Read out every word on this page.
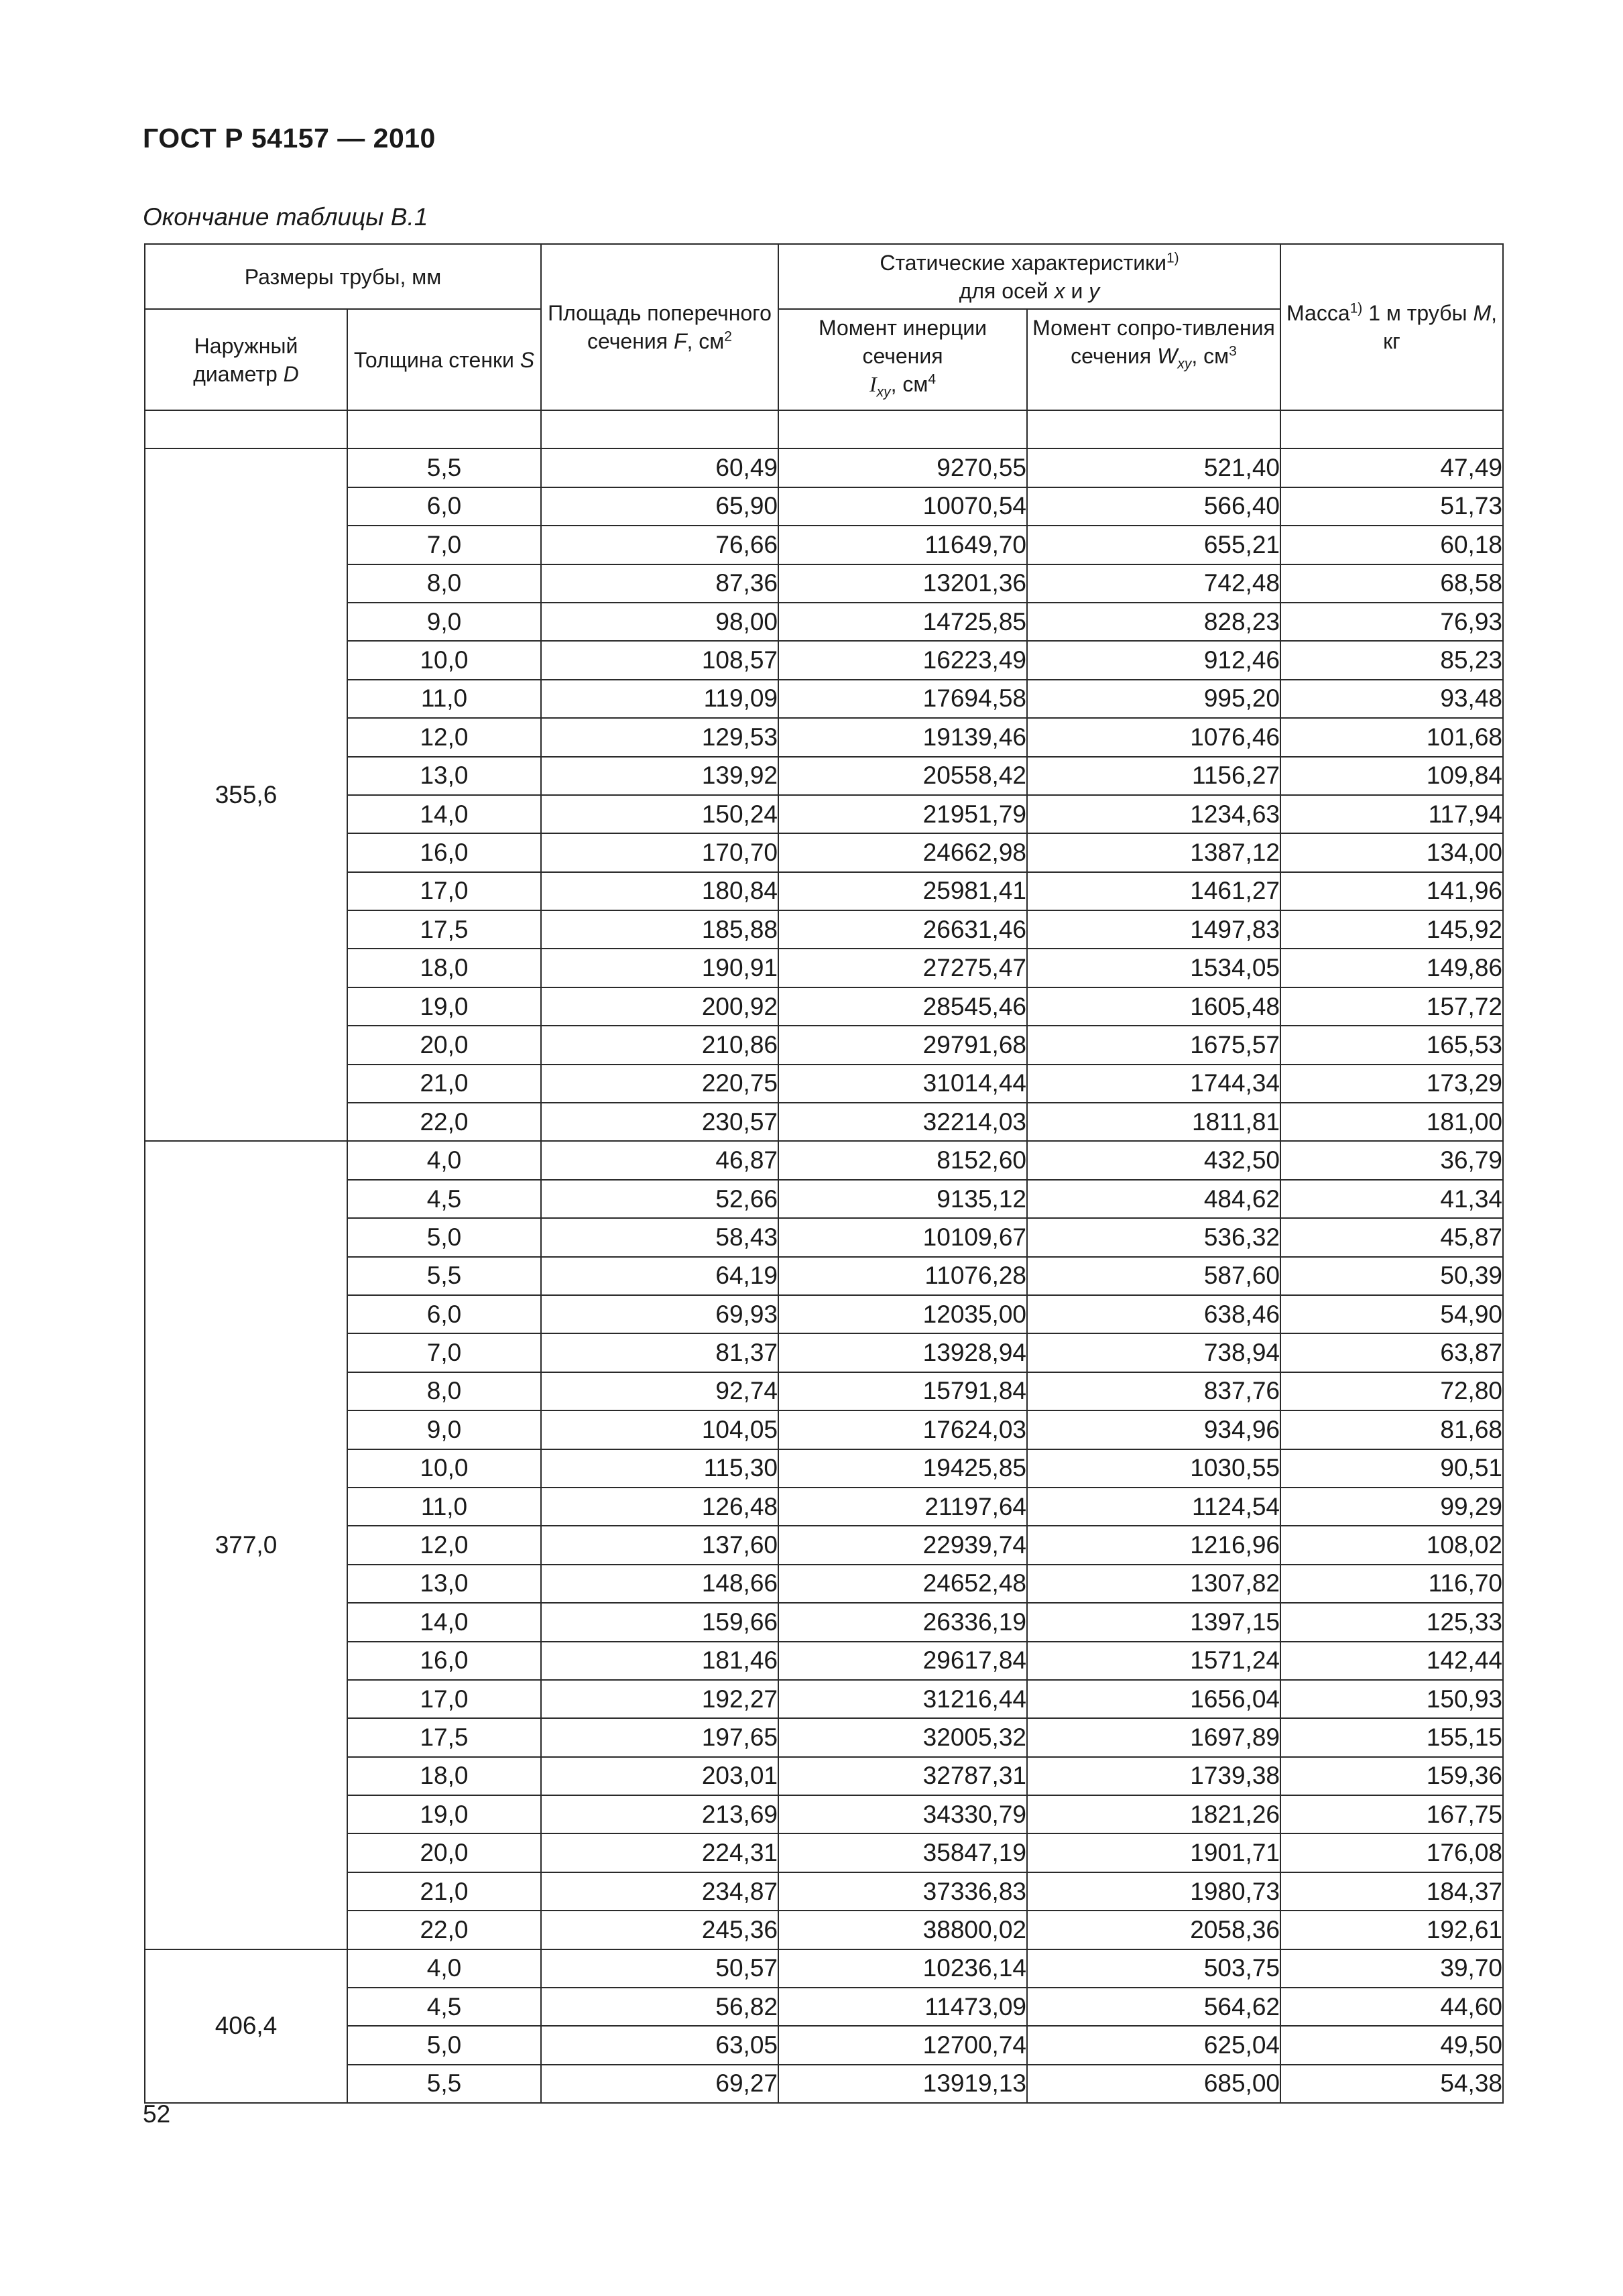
ГОСТ Р 54157 — 2010
Окончание таблицы В.1
Размеры трубы, мм		Площадь поперечного сечения F, $см^2$	Статические характеристики$^{1)}$
для осей x и y		Масса$^{1)}$ 1 м трубы M, кг
Наружный диаметр D	Толщина стенки S		Момент инерции сечения
$I_{xy}$, $см^4$	Момент сопро-тивления сечения $W_{xy}$, $см^3$

355,6	5,5	60,49	9270,55	521,40	47,49
	6,0	65,90	10070,54	566,40	51,73
	7,0	76,66	11649,70	655,21	60,18
	8,0	87,36	13201,36	742,48	68,58
	9,0	98,00	14725,85	828,23	76,93
	10,0	108,57	16223,49	912,46	85,23
	11,0	119,09	17694,58	995,20	93,48
	12,0	129,53	19139,46	1076,46	101,68
	13,0	139,92	20558,42	1156,27	109,84
	14,0	150,24	21951,79	1234,63	117,94
	16,0	170,70	24662,98	1387,12	134,00
	17,0	180,84	25981,41	1461,27	141,96
	17,5	185,88	26631,46	1497,83	145,92
	18,0	190,91	27275,47	1534,05	149,86
	19,0	200,92	28545,46	1605,48	157,72
	20,0	210,86	29791,68	1675,57	165,53
	21,0	220,75	31014,44	1744,34	173,29
	22,0	230,57	32214,03	1811,81	181,00
377,0	4,0	46,87	8152,60	432,50	36,79
	4,5	52,66	9135,12	484,62	41,34
	5,0	58,43	10109,67	536,32	45,87
	5,5	64,19	11076,28	587,60	50,39
	6,0	69,93	12035,00	638,46	54,90
	7,0	81,37	13928,94	738,94	63,87
	8,0	92,74	15791,84	837,76	72,80
	9,0	104,05	17624,03	934,96	81,68
	10,0	115,30	19425,85	1030,55	90,51
	11,0	126,48	21197,64	1124,54	99,29
	12,0	137,60	22939,74	1216,96	108,02
	13,0	148,66	24652,48	1307,82	116,70
	14,0	159,66	26336,19	1397,15	125,33
	16,0	181,46	29617,84	1571,24	142,44
	17,0	192,27	31216,44	1656,04	150,93
	17,5	197,65	32005,32	1697,89	155,15
	18,0	203,01	32787,31	1739,38	159,36
	19,0	213,69	34330,79	1821,26	167,75
	20,0	224,31	35847,19	1901,71	176,08
	21,0	234,87	37336,83	1980,73	184,37
	22,0	245,36	38800,02	2058,36	192,61
406,4	4,0	50,57	10236,14	503,75	39,70
	4,5	56,82	11473,09	564,62	44,60
	5,0	63,05	12700,74	625,04	49,50
	5,5	69,27	13919,13	685,00	54,38
52
